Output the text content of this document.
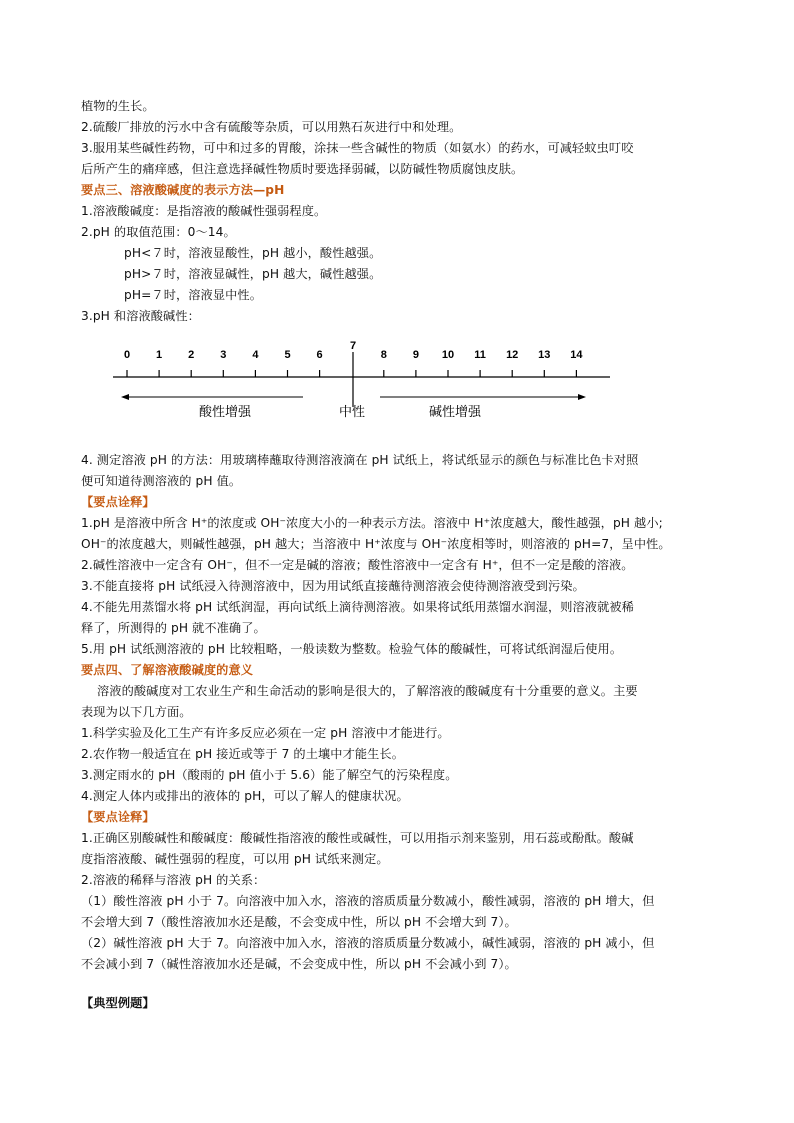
植物的生长。
2.硫酸厂排放的污水中含有硫酸等杂质，可以用熟石灰进行中和处理。
3.服用某些碱性药物，可中和过多的胃酸，涂抹一些含碱性的物质（如氨水）的药水，可减轻蚊虫叮咬
后所产生的痛痒感，但注意选择碱性物质时要选择弱碱，以防碱性物质腐蚀皮肤。
要点三、溶液酸碱度的表示方法—pH
1.溶液酸碱度：是指溶液的酸碱性强弱程度。
2.pH 的取值范围：0～14。
pH<７时，溶液显酸性，pH 越小，酸性越强。
pH>７时，溶液显碱性，pH 越大，碱性越强。
pH=７时，溶液显中性。
3.pH 和溶液酸碱性：
0 1 2 3 4 5 6
7
8 9 10 11 12 13 14
酸性增强	中性	碱性增强
4. 测定溶液 pH 的方法：用玻璃棒蘸取待测溶液滴在 pH 试纸上，将试纸显示的颜色与标准比色卡对照
便可知道待测溶液的 pH 值。
【要点诠释】
1.pH 是溶液中所含 H⁺的浓度或 OH⁻浓度大小的一种表示方法。溶液中 H⁺浓度越大，酸性越强，pH 越小;
OH⁻的浓度越大，则碱性越强，pH 越大；当溶液中 H⁺浓度与 OH⁻浓度相等时，则溶液的 pH=7，呈中性。
2.碱性溶液中一定含有 OH⁻，但不一定是碱的溶液；酸性溶液中一定含有 H⁺，但不一定是酸的溶液。
3.不能直接将 pH 试纸浸入待测溶液中，因为用试纸直接蘸待测溶液会使待测溶液受到污染。
4.不能先用蒸馏水将 pH 试纸润湿，再向试纸上滴待测溶液。如果将试纸用蒸馏水润湿，则溶液就被稀
释了，所测得的 pH 就不准确了。
5.用 pH 试纸测溶液的 pH 比较粗略，一般读数为整数。检验气体的酸碱性，可将试纸润湿后使用。
要点四、了解溶液酸碱度的意义
溶液的酸碱度对工农业生产和生命活动的影响是很大的，了解溶液的酸碱度有十分重要的意义。主要
表现为以下几方面。
1.科学实验及化工生产有许多反应必须在一定 pH 溶液中才能进行。
2.农作物一般适宜在 pH 接近或等于 7 的土壤中才能生长。
3.测定雨水的 pH（酸雨的 pH 值小于 5.6）能了解空气的污染程度。
4.测定人体内或排出的液体的 pH，可以了解人的健康状况。
【要点诠释】
1.正确区别酸碱性和酸碱度：酸碱性指溶液的酸性或碱性，可以用指示剂来鉴别，用石蕊或酚酞。酸碱
度指溶液酸、碱性强弱的程度，可以用 pH 试纸来测定。
2.溶液的稀释与溶液 pH 的关系：
（1）酸性溶液 pH 小于 7。向溶液中加入水，溶液的溶质质量分数减小，酸性减弱，溶液的 pH 增大，但
不会增大到 7（酸性溶液加水还是酸，不会变成中性，所以 pH 不会增大到 7）。
（2）碱性溶液 pH 大于 7。向溶液中加入水，溶液的溶质质量分数减小，碱性减弱，溶液的 pH 减小，但
不会减小到 7（碱性溶液加水还是碱，不会变成中性，所以 pH 不会减小到 7）。
【典型例题】
